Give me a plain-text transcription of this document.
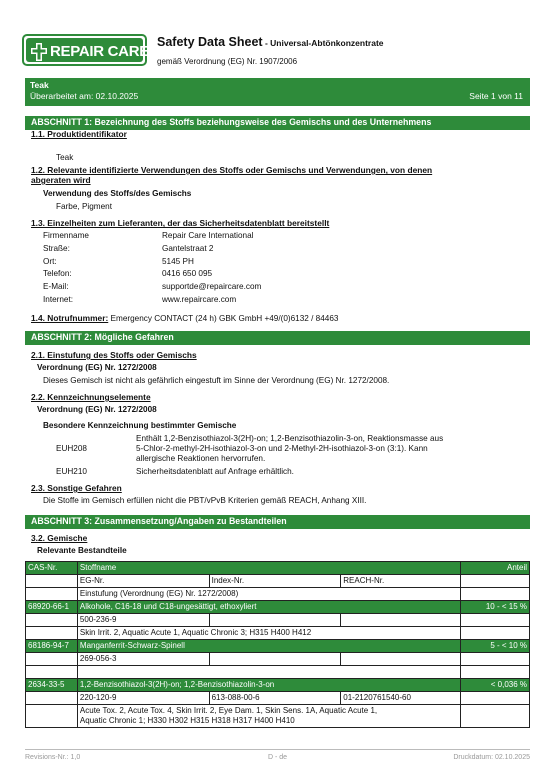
REPAIR CARE
Safety Data Sheet - Universal-Abtönkonzentrate
gemäß Verordnung (EG) Nr. 1907/2006
Teak
Überarbeitet am: 02.10.2025	Seite 1 von 11
ABSCHNITT 1: Bezeichnung des Stoffs beziehungsweise des Gemischs und des Unternehmens
1.1. Produktidentifikator
Teak
1.2. Relevante identifizierte Verwendungen des Stoffs oder Gemischs und Verwendungen, von denen
abgeraten wird
Verwendung des Stoffs/des Gemischs
Farbe, Pigment
1.3. Einzelheiten zum Lieferanten, der das Sicherheitsdatenblatt bereitstellt
Firmenname	Repair Care International
Straße:	Gantelstraat 2
Ort:	5145 PH
Telefon:	0416 650 095
E-Mail:	supportde@repaircare.com
Internet:	www.repaircare.com
1.4. Notrufnummer: Emergency CONTACT (24 h) GBK GmbH +49/(0)6132 / 84463
ABSCHNITT 2: Mögliche Gefahren
2.1. Einstufung des Stoffs oder Gemischs
Verordnung (EG) Nr. 1272/2008
Dieses Gemisch ist nicht als gefährlich eingestuft im Sinne der Verordnung (EG) Nr. 1272/2008.
2.2. Kennzeichnungselemente
Verordnung (EG) Nr. 1272/2008
Besondere Kennzeichnung bestimmter Gemische
EUH208
Enthält 1,2-Benzisothiazol-3(2H)-on; 1,2-Benzisothiazolin-3-on, Reaktionsmasse aus
5-Chlor-2-methyl-2H-isothiazol-3-on und 2-Methyl-2H-isothiazol-3-on (3:1). Kann
allergische Reaktionen hervorrufen.
EUH210	Sicherheitsdatenblatt auf Anfrage erhältlich.
2.3. Sonstige Gefahren
Die Stoffe im Gemisch erfüllen nicht die PBT/vPvB Kriterien gemäß REACH, Anhang XIII.
ABSCHNITT 3: Zusammensetzung/Angaben zu Bestandteilen
3.2. Gemische
Relevante Bestandteile
CAS-Nr.	Stoffname			Anteil
	EG-Nr.	Index-Nr.	REACH-Nr.	
	Einstufung (Verordnung (EG) Nr. 1272/2008)			
68920-66-1	Alkohole, C16-18 und C18-ungesättigt, ethoxyliert			10 - < 15 %
	500-236-9			
	Skin Irrit. 2, Aquatic Acute 1, Aquatic Chronic 3; H315 H400 H412			
68186-94-7	Manganferrit-Schwarz-Spinell			5 - < 10 %
	269-056-3			

2634-33-5	1,2-Benzisothiazol-3(2H)-on; 1,2-Benzisothiazolin-3-on			< 0,036 %
	220-120-9	613-088-00-6	01-2120761540-60	
	Acute Tox. 2, Acute Tox. 4, Skin Irrit. 2, Eye Dam. 1, Skin Sens. 1A, Aquatic Acute 1,
Aquatic Chronic 1; H330 H302 H315 H318 H317 H400 H410			
Revisions-Nr.: 1,0	D - de	Druckdatum: 02.10.2025
